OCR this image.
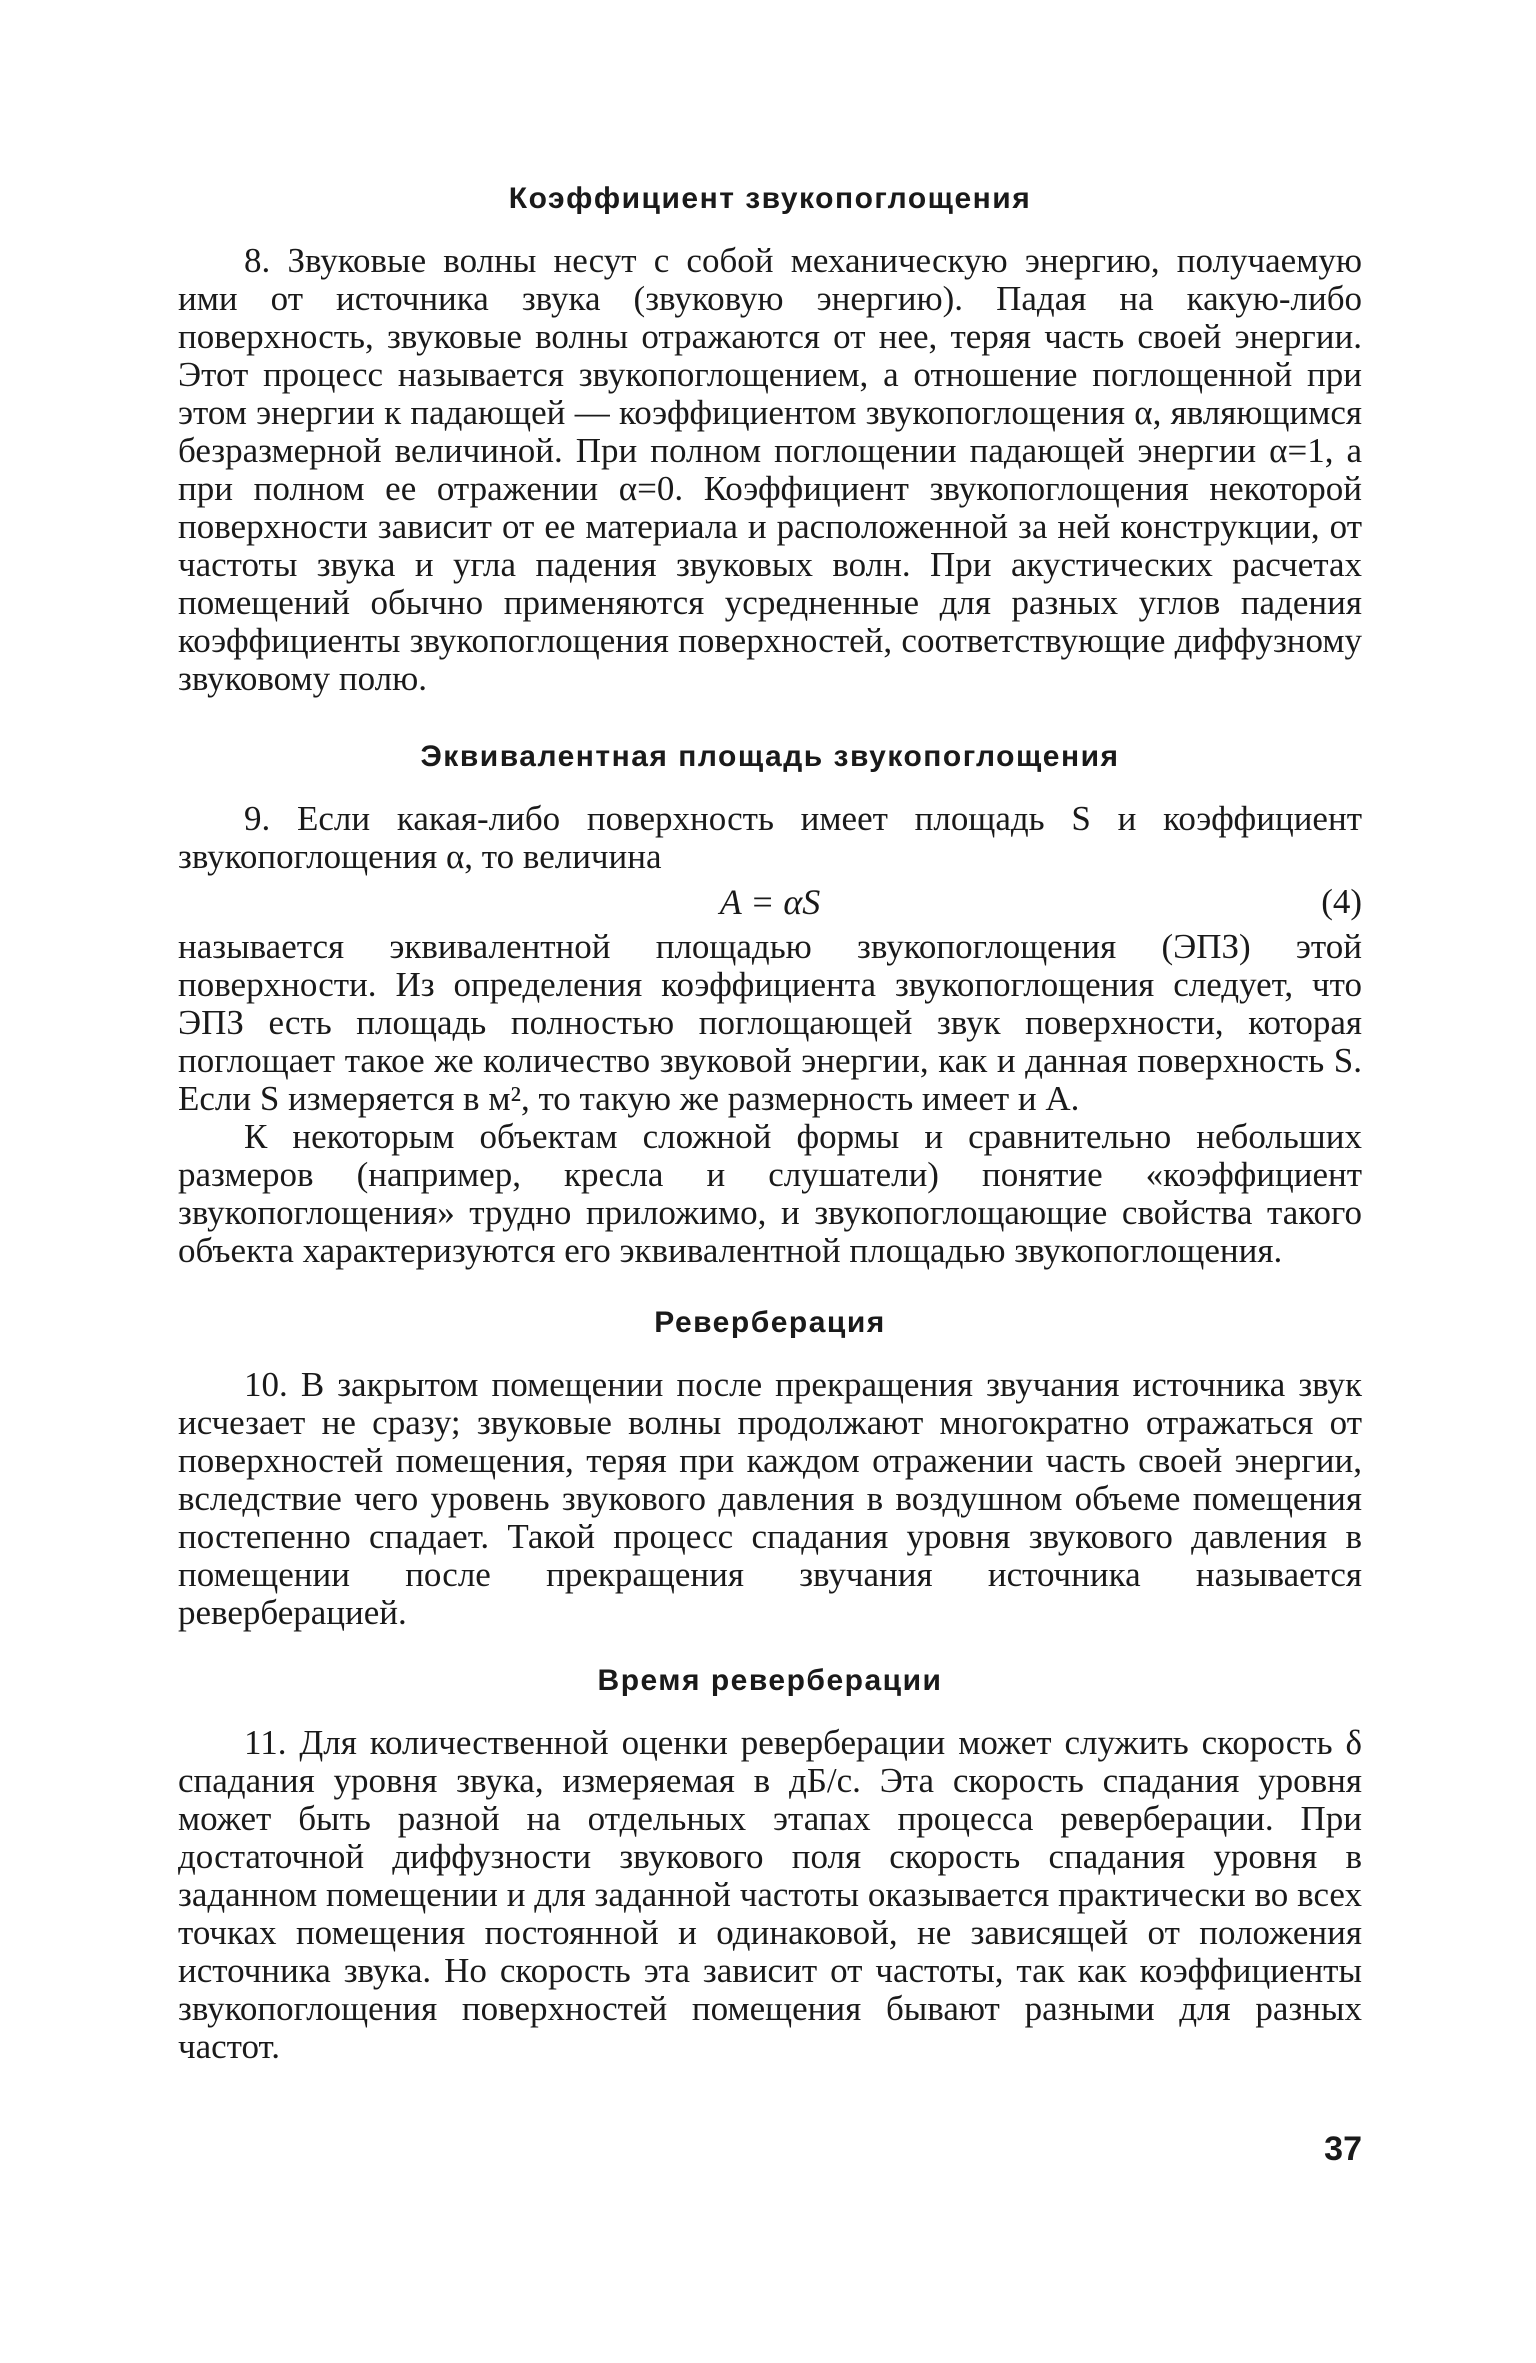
Коэффициент звукопоглощения

8. Звуковые волны несут с собой механическую энергию, получаемую ими от источника звука (звуковую энергию). Падая на какую-либо поверхность, звуковые волны отражаются от нее, теряя часть своей энергии. Этот процесс называется звукопоглощением, а отношение поглощенной при этом энергии к падающей — коэффициентом звукопоглощения α, являющимся безразмерной величиной. При полном поглощении падающей энергии α=1, а при полном ее отражении α=0. Коэффициент звукопоглощения некоторой поверхности зависит от ее материала и расположенной за ней конструкции, от частоты звука и угла падения звуковых волн. При акустических расчетах помещений обычно применяются усредненные для разных углов падения коэффициенты звукопоглощения поверхностей, соответствующие диффузному звуковому полю.

Эквивалентная площадь звукопоглощения

9. Если какая-либо поверхность имеет площадь S и коэффициент звукопоглощения α, то величина

A = αS	(4)

называется эквивалентной площадью звукопоглощения (ЭПЗ) этой поверхности. Из определения коэффициента звукопоглощения следует, что ЭПЗ есть площадь полностью поглощающей звук поверхности, которая поглощает такое же количество звуковой энергии, как и данная поверхность S. Если S измеряется в м², то такую же размерность имеет и A.

К некоторым объектам сложной формы и сравнительно небольших размеров (например, кресла и слушатели) понятие «коэффициент звукопоглощения» трудно приложимо, и звукопоглощающие свойства такого объекта характеризуются его эквивалентной площадью звукопоглощения.

Реверберация

10. В закрытом помещении после прекращения звучания источника звук исчезает не сразу; звуковые волны продолжают многократно отражаться от поверхностей помещения, теряя при каждом отражении часть своей энергии, вследствие чего уровень звукового давления в воздушном объеме помещения постепенно спадает. Такой процесс спадания уровня звукового давления в помещении после прекращения звучания источника называется реверберацией.

Время реверберации

11. Для количественной оценки реверберации может служить скорость δ спадания уровня звука, измеряемая в дБ/с. Эта скорость спадания уровня может быть разной на отдельных этапах процесса реверберации. При достаточной диффузности звукового поля скорость спадания уровня в заданном помещении и для заданной частоты оказывается практически во всех точках помещения постоянной и одинаковой, не зависящей от положения источника звука. Но скорость эта зависит от частоты, так как коэффициенты звукопоглощения поверхностей помещения бывают разными для разных частот.

37
